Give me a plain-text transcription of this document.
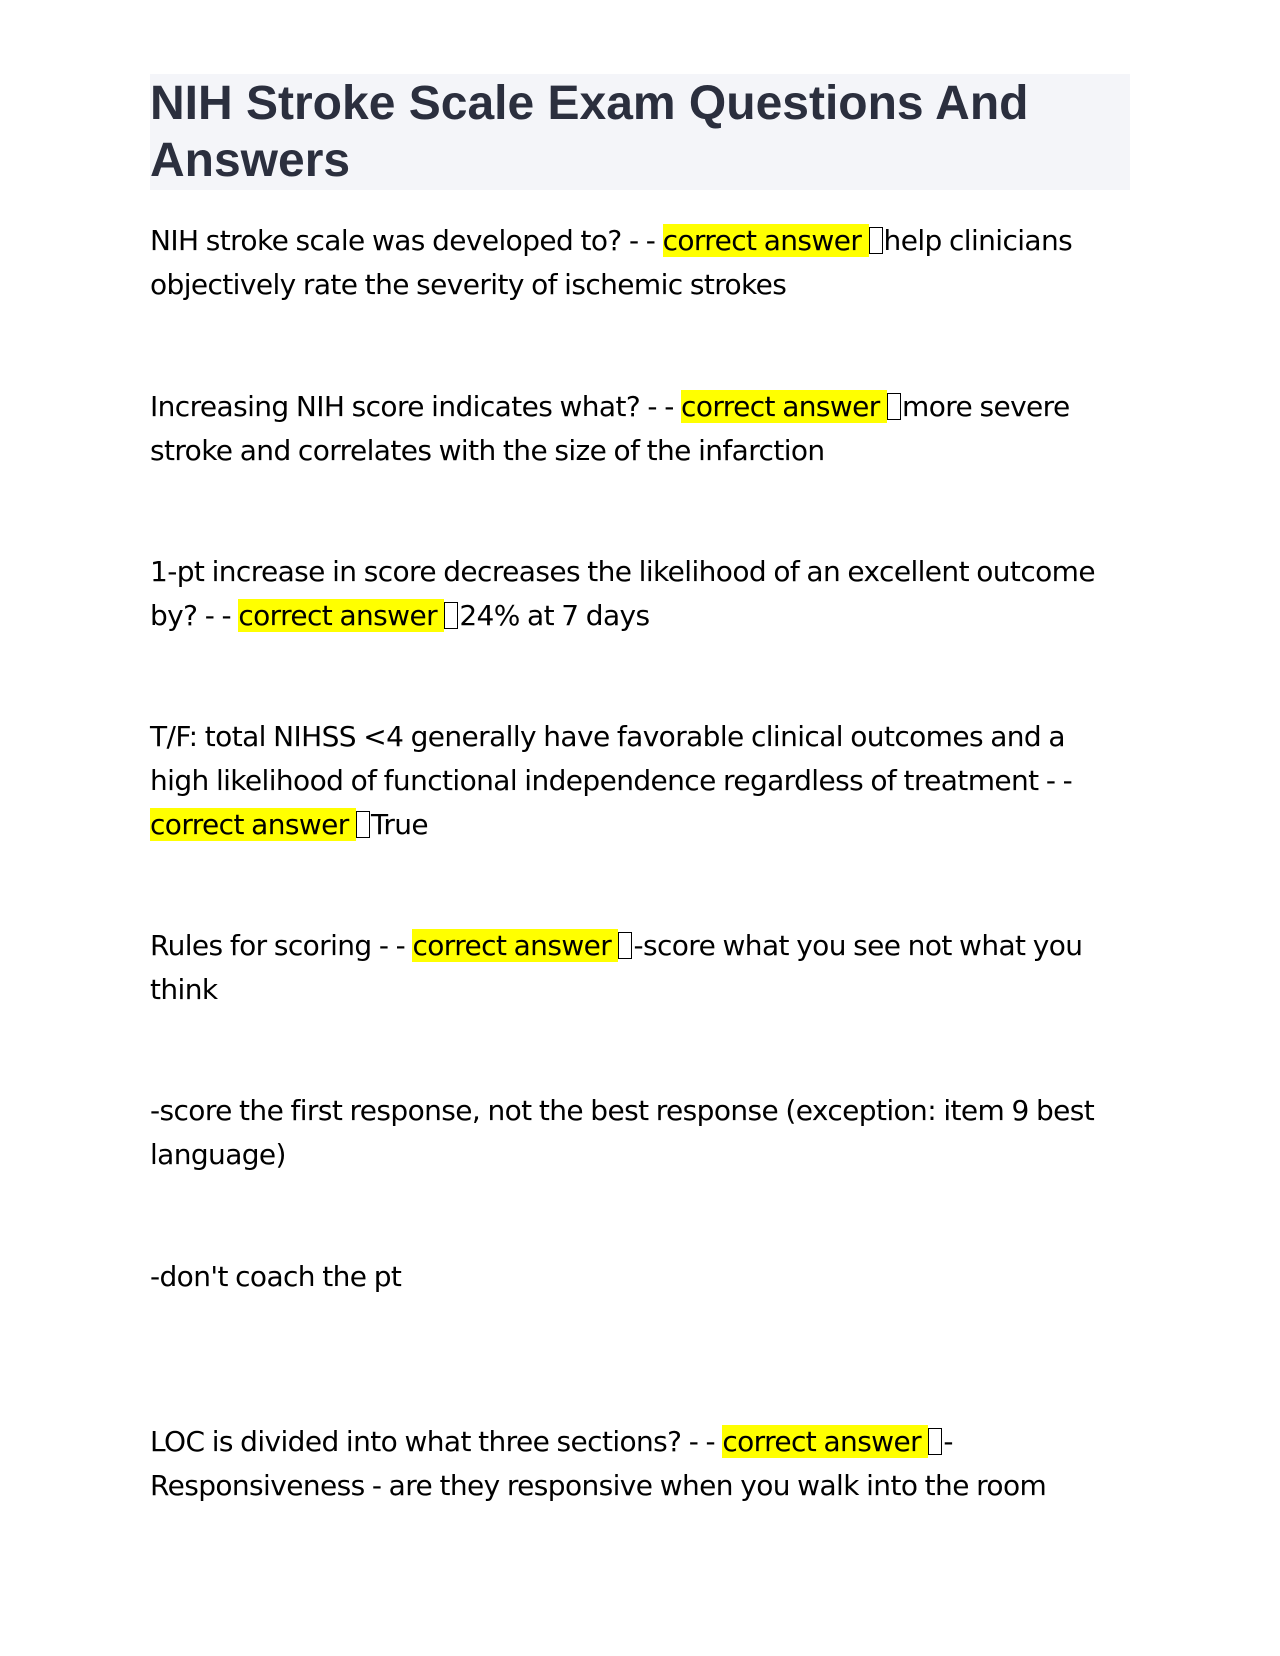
NIH Stroke Scale Exam Questions And Answers

NIH stroke scale was developed to? - - correct answer help clinicians objectively rate the severity of ischemic strokes

Increasing NIH score indicates what? - - correct answer more severe stroke and correlates with the size of the infarction

1-pt increase in score decreases the likelihood of an excellent outcome by? - - correct answer 24% at 7 days

T/F: total NIHSS <4 generally have favorable clinical outcomes and a high likelihood of functional independence regardless of treatment - - correct answer True

Rules for scoring - - correct answer -score what you see not what you think

-score the first response, not the best response (exception: item 9 best language)

-don't coach the pt

LOC is divided into what three sections? - - correct answer -Responsiveness - are they responsive when you walk into the room
